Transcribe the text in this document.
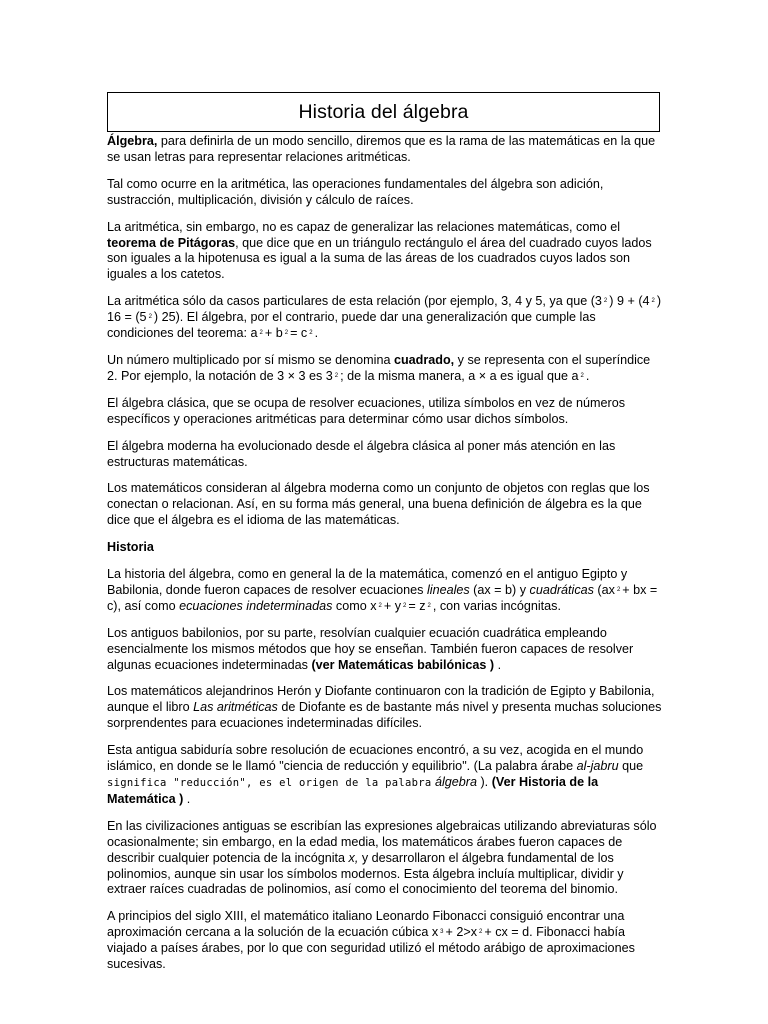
Historia del álgebra

Álgebra, para definirla de un modo sencillo, diremos que es la rama de las matemáticas en la que se usan letras para representar relaciones aritméticas.

Tal como ocurre en la aritmética, las operaciones fundamentales del álgebra son adición, sustracción, multiplicación, división y cálculo de raíces.

La aritmética, sin embargo, no es capaz de generalizar las relaciones matemáticas, como el teorema de Pitágoras, que dice que en un triángulo rectángulo el área del cuadrado cuyos lados son iguales a la hipotenusa es igual a la suma de las áreas de los cuadrados cuyos lados son iguales a los catetos.

La aritmética sólo da casos particulares de esta relación (por ejemplo, 3, 4 y 5, ya que (3 $^2$ ) 9 + (4 $^2$ ) 16 = (5 $^2$ ) 25). El álgebra, por el contrario, puede dar una generalización que cumple las condiciones del teorema: a $^2$ + b $^2$ = c $^2$ .

Un número multiplicado por sí mismo se denomina cuadrado, y se representa con el superíndice 2. Por ejemplo, la notación de 3 × 3 es 3 $^2$ ; de la misma manera, a × a es igual que a $^2$ .

El álgebra clásica, que se ocupa de resolver ecuaciones, utiliza símbolos en vez de números específicos y operaciones aritméticas para determinar cómo usar dichos símbolos.

El álgebra moderna ha evolucionado desde el álgebra clásica al poner más atención en las estructuras matemáticas.

Los matemáticos consideran al álgebra moderna como un conjunto de objetos con reglas que los conectan o relacionan. Así, en su forma más general, una buena definición de álgebra es la que dice que el álgebra es el idioma de las matemáticas.

Historia

La historia del álgebra, como en general la de la matemática, comenzó en el antiguo Egipto y Babilonia, donde fueron capaces de resolver ecuaciones lineales (ax = b) y cuadráticas (ax $^2$ + bx = c), así como ecuaciones indeterminadas como x $^2$ + y $^2$ = z $^2$ , con varias incógnitas.

Los antiguos babilonios, por su parte, resolvían cualquier ecuación cuadrática empleando esencialmente los mismos métodos que hoy se enseñan. También fueron capaces de resolver algunas ecuaciones indeterminadas (ver Matemáticas babilónicas ) .

Los matemáticos alejandrinos Herón y Diofante continuaron con la tradición de Egipto y Babilonia, aunque el libro Las aritméticas de Diofante es de bastante más nivel y presenta muchas soluciones sorprendentes para ecuaciones indeterminadas difíciles.

Esta antigua sabiduría sobre resolución de ecuaciones encontró, a su vez, acogida en el mundo islámico, en donde se le llamó "ciencia de reducción y equilibrio". (La palabra árabe al-jabru que significa "reducción", es el origen de la palabra álgebra ). (Ver Historia de la Matemática ) .

En las civilizaciones antiguas se escribían las expresiones algebraicas utilizando abreviaturas sólo ocasionalmente; sin embargo, en la edad media, los matemáticos árabes fueron capaces de describir cualquier potencia de la incógnita x, y desarrollaron el álgebra fundamental de los polinomios, aunque sin usar los símbolos modernos. Esta álgebra incluía multiplicar, dividir y extraer raíces cuadradas de polinomios, así como el conocimiento del teorema del binomio.

A principios del siglo XIII, el matemático italiano Leonardo Fibonacci consiguió encontrar una aproximación cercana a la solución de la ecuación cúbica x $^3$ + 2>x $^2$ + cx = d. Fibonacci había viajado a países árabes, por lo que con seguridad utilizó el método arábigo de aproximaciones sucesivas.
